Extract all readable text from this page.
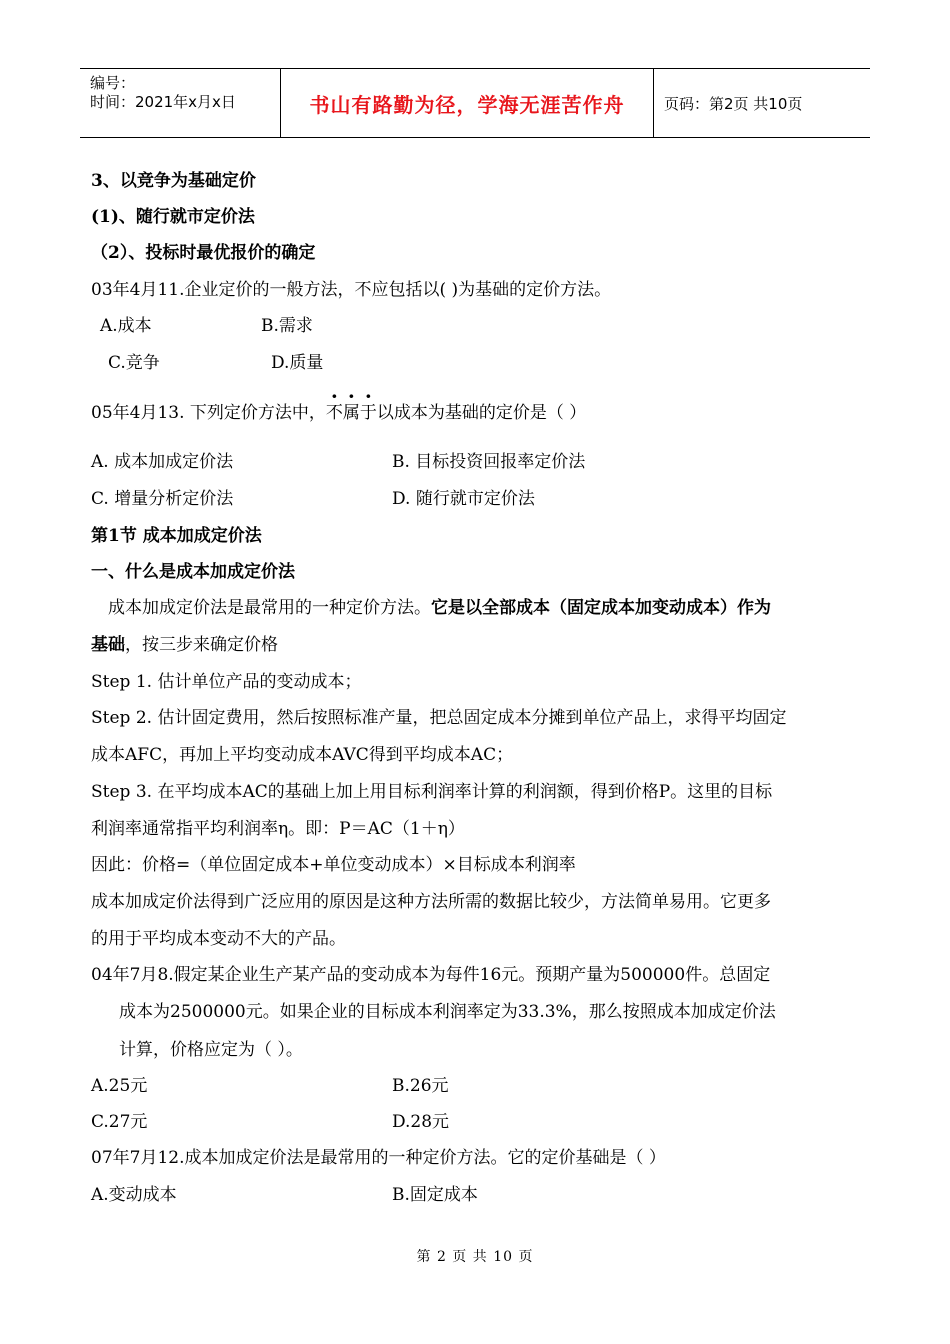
编号：
时间：2021年x月x日	书山有路勤为径，学海无涯苦作舟	页码：第2页 共10页
3、以竞争为基础定价
(1)、随行就市定价法
（2）、投标时最优报价的确定
03年4月11.企业定价的一般方法，不应包括以( )为基础的定价方法。
A.成本	B.需求
C.竞争	D.质量
05年4月13. 下列定价方法中，不属于以成本为基础的定价是（ ）
A. 成本加成定价法	B. 目标投资回报率定价法
C. 增量分析定价法	D. 随行就市定价法
第1节 成本加成定价法
一、什么是成本加成定价法
成本加成定价法是最常用的一种定价方法。它是以全部成本（固定成本加变动成本）作为
基础，按三步来确定价格
Step 1. 估计单位产品的变动成本；
Step 2. 估计固定费用，然后按照标准产量，把总固定成本分摊到单位产品上，求得平均固定
成本AFC，再加上平均变动成本AVC得到平均成本AC；
Step 3. 在平均成本AC的基础上加上用目标利润率计算的利润额，得到价格P。这里的目标
利润率通常指平均利润率η。即：P＝AC（1＋η）
因此：价格=（单位固定成本+单位变动成本）×目标成本利润率
成本加成定价法得到广泛应用的原因是这种方法所需的数据比较少，方法简单易用。它更多
的用于平均成本变动不大的产品。
04年7月8.假定某企业生产某产品的变动成本为每件16元。预期产量为500000件。总固定
成本为2500000元。如果企业的目标成本利润率定为33.3%，那么按照成本加成定价法
计算，价格应定为（ ）。
A.25元	B.26元
C.27元	D.28元
07年7月12.成本加成定价法是最常用的一种定价方法。它的定价基础是（ ）
A.变动成本	B.固定成本
第 2 页 共 10 页
